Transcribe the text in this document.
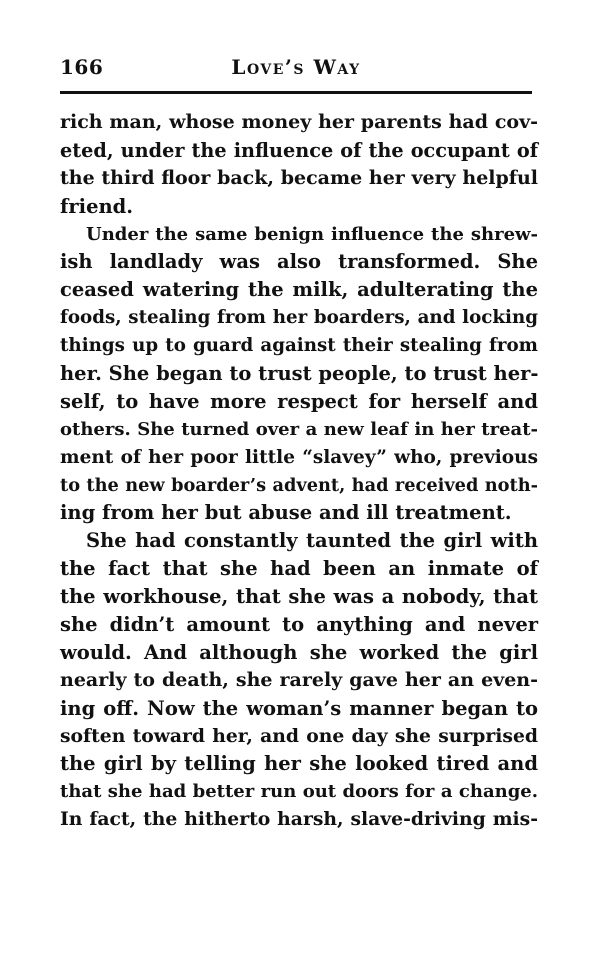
166	Love’s Way
rich man, whose money her parents had cov-
eted, under the influence of the occupant of
the third floor back, became her very helpful
friend.
Under the same benign influence the shrew-
ish landlady was also transformed. She
ceased watering the milk, adulterating the
foods, stealing from her boarders, and locking
things up to guard against their stealing from
her. She began to trust people, to trust her-
self, to have more respect for herself and
others. She turned over a new leaf in her treat-
ment of her poor little “slavey” who, previous
to the new boarder’s advent, had received noth-
ing from her but abuse and ill treatment.
She had constantly taunted the girl with
the fact that she had been an inmate of
the workhouse, that she was a nobody, that
she didn’t amount to anything and never
would. And although she worked the girl
nearly to death, she rarely gave her an even-
ing off. Now the woman’s manner began to
soften toward her, and one day she surprised
the girl by telling her she looked tired and
that she had better run out doors for a change.
In fact, the hitherto harsh, slave-driving mis-
